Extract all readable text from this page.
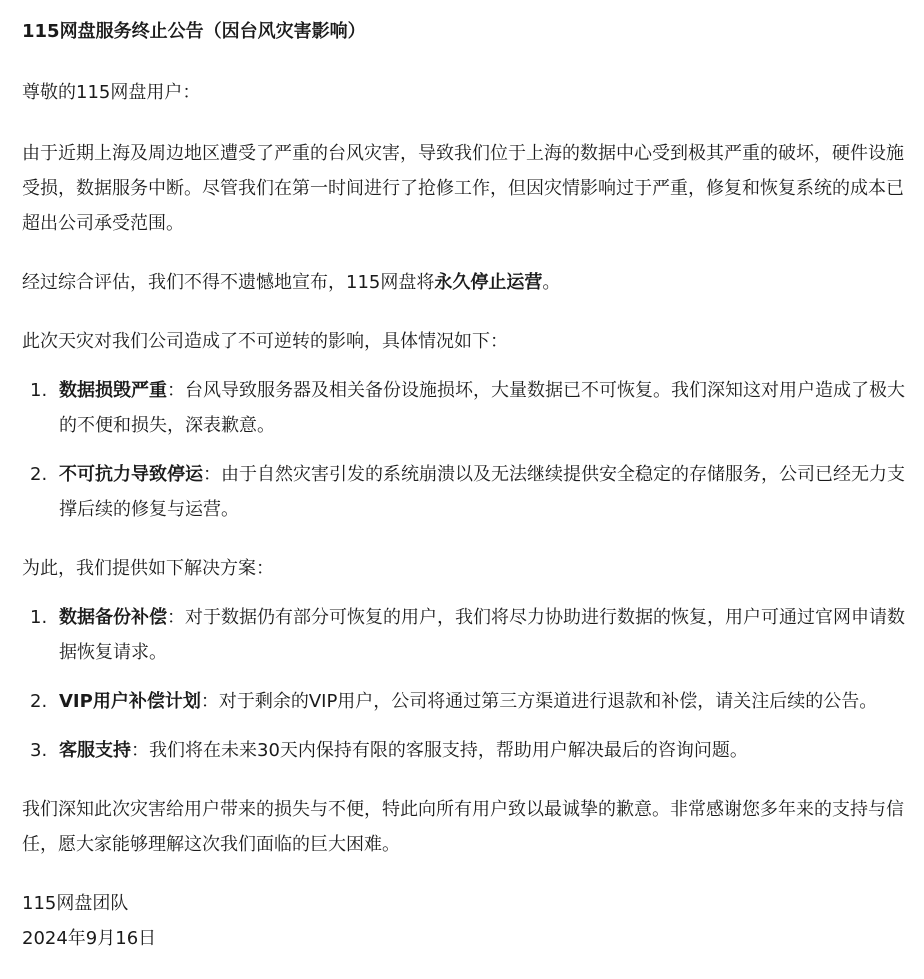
115网盘服务终止公告（因台风灾害影响）

尊敬的115网盘用户：

由于近期上海及周边地区遭受了严重的台风灾害，导致我们位于上海的数据中心受到极其严重的破坏，硬件设施受损，数据服务中断。尽管我们在第一时间进行了抢修工作，但因灾情影响过于严重，修复和恢复系统的成本已超出公司承受范围。

经过综合评估，我们不得不遗憾地宣布，115网盘将永久停止运营。

此次天灾对我们公司造成了不可逆转的影响，具体情况如下：

1. 数据损毁严重：台风导致服务器及相关备份设施损坏，大量数据已不可恢复。我们深知这对用户造成了极大的不便和损失，深表歉意。
2. 不可抗力导致停运：由于自然灾害引发的系统崩溃以及无法继续提供安全稳定的存储服务，公司已经无力支撑后续的修复与运营。

为此，我们提供如下解决方案：

1. 数据备份补偿：对于数据仍有部分可恢复的用户，我们将尽力协助进行数据的恢复，用户可通过官网申请数据恢复请求。
2. VIP用户补偿计划：对于剩余的VIP用户，公司将通过第三方渠道进行退款和补偿，请关注后续的公告。
3. 客服支持：我们将在未来30天内保持有限的客服支持，帮助用户解决最后的咨询问题。

我们深知此次灾害给用户带来的损失与不便，特此向所有用户致以最诚挚的歉意。非常感谢您多年来的支持与信任，愿大家能够理解这次我们面临的巨大困难。

115网盘团队

2024年9月16日
